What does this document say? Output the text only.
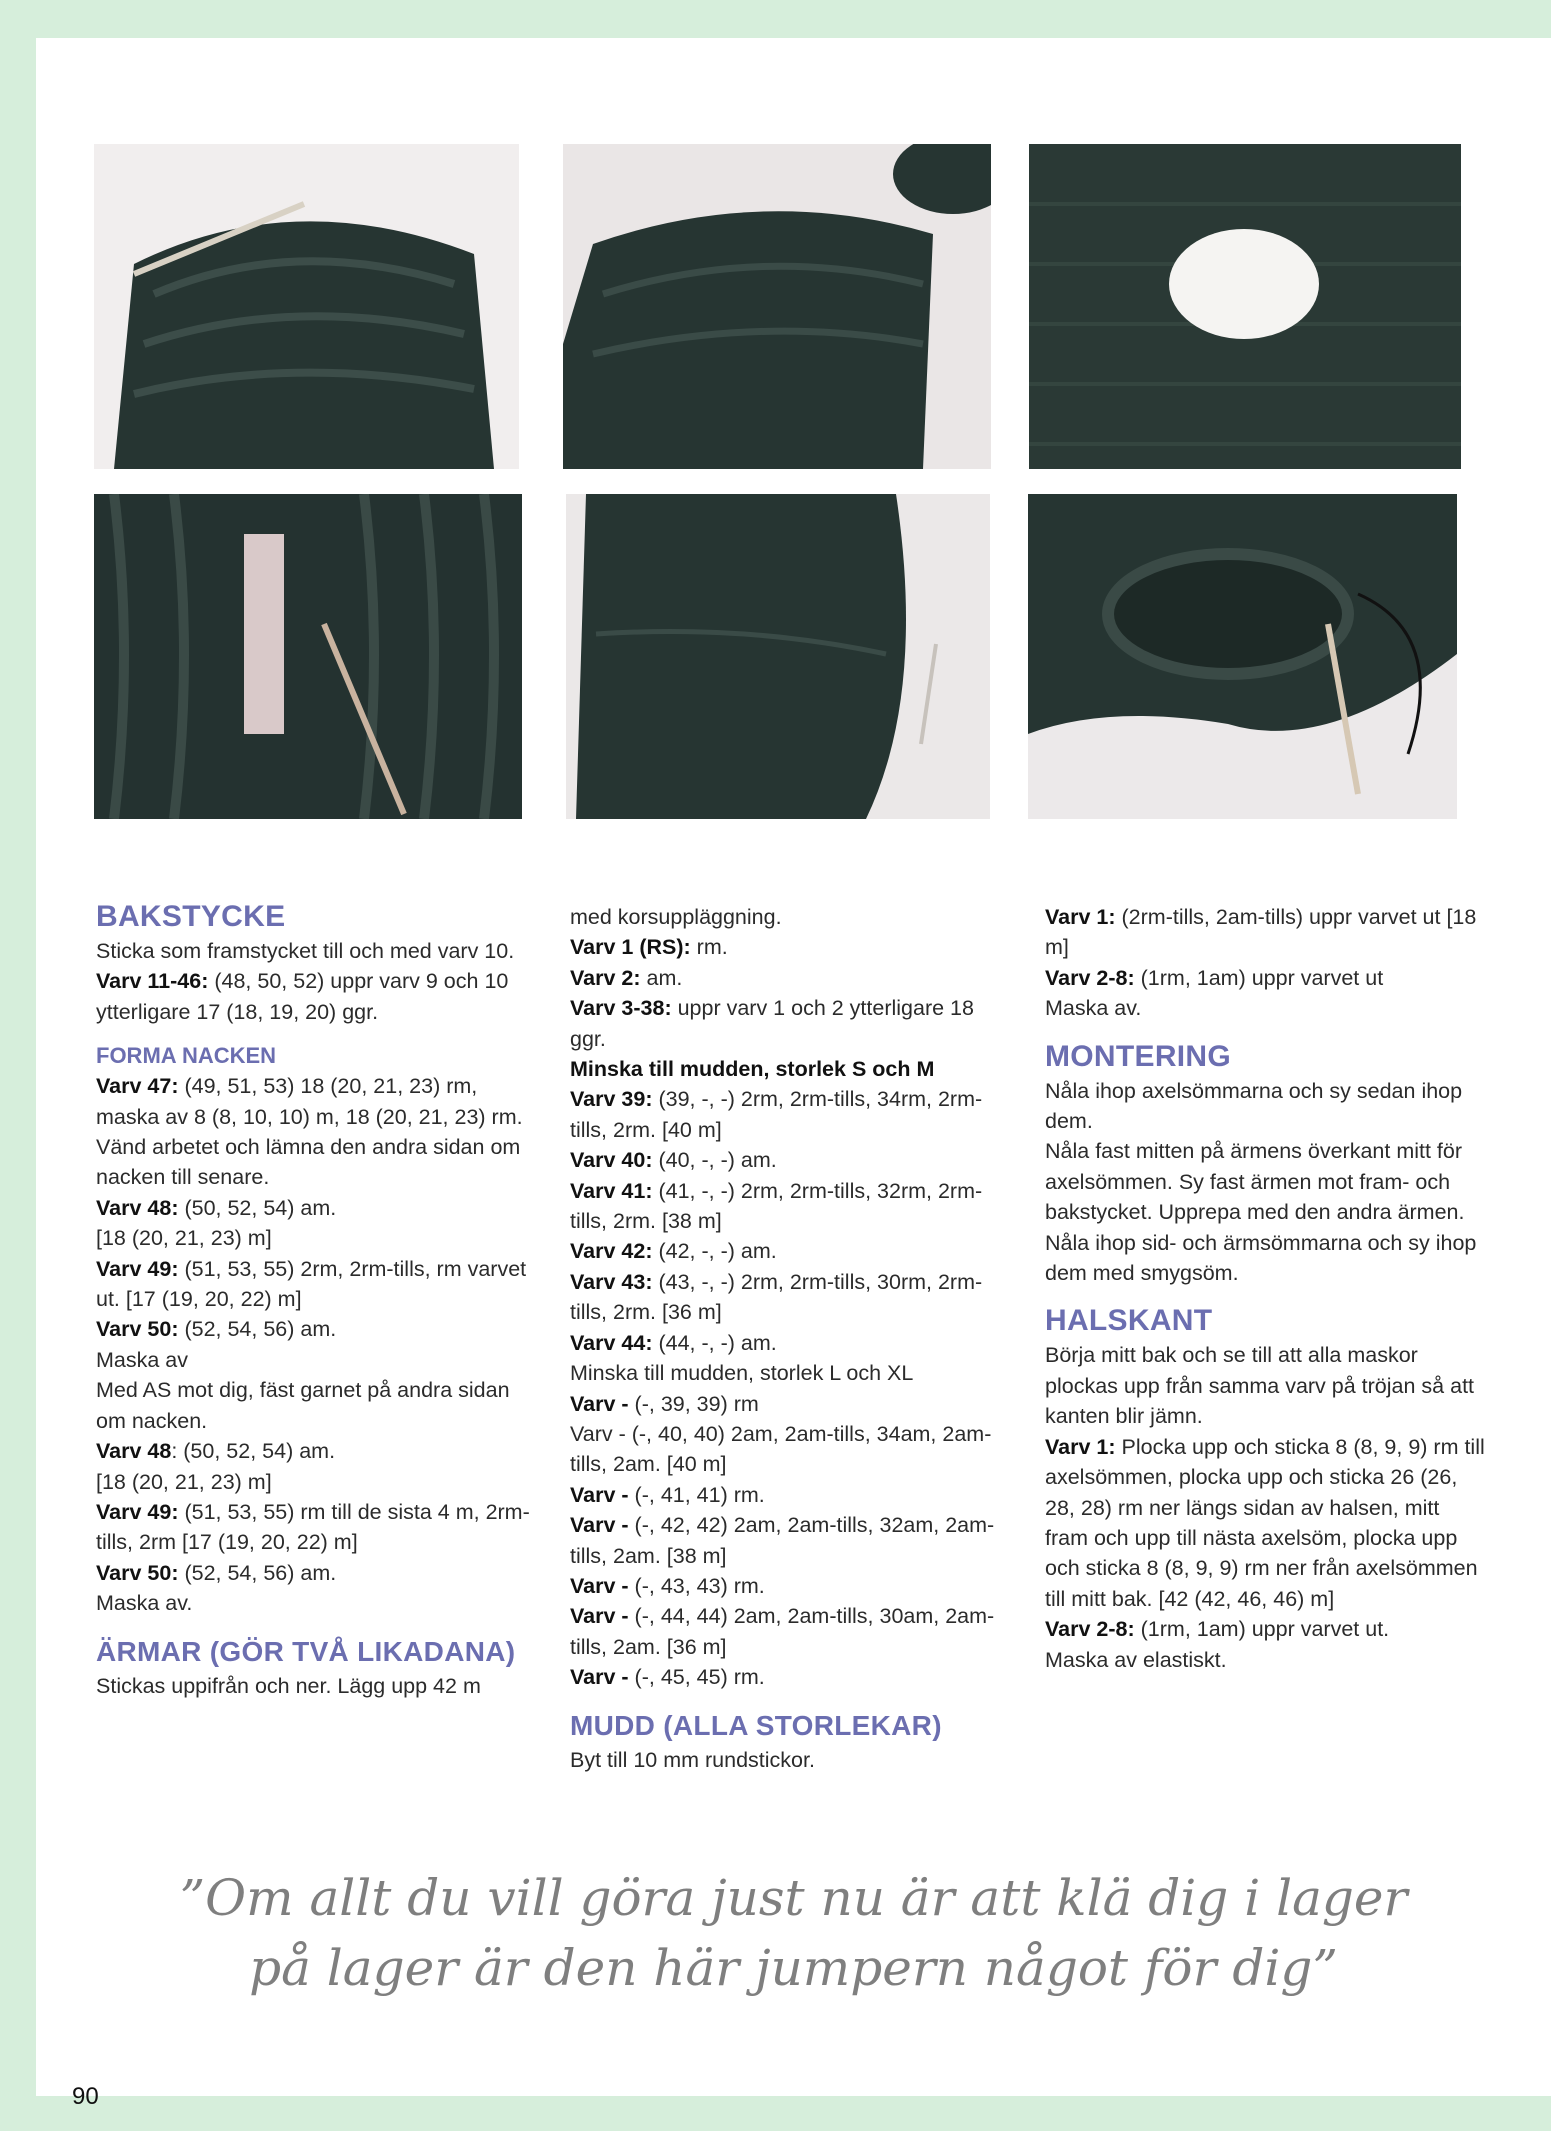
BAKSTYCKE

Sticka som framstycket till och med varv 10.

Varv 11-46: (48, 50, 52) uppr varv 9 och 10 ytterligare 17 (18, 19, 20) ggr.

FORMA NACKEN

Varv 47: (49, 51, 53) 18 (20, 21, 23) rm, maska av 8 (8, 10, 10) m, 18 (20, 21, 23) rm.

Vänd arbetet och lämna den andra sidan om nacken till senare.

Varv 48: (50, 52, 54) am.

[18 (20, 21, 23) m]

Varv 49: (51, 53, 55) 2rm, 2rm-tills, rm varvet ut. [17 (19, 20, 22) m]

Varv 50: (52, 54, 56) am.

Maska av

Med AS mot dig, fäst garnet på andra sidan om nacken.

Varv 48: (50, 52, 54) am.

[18 (20, 21, 23) m]

Varv 49: (51, 53, 55) rm till de sista 4 m, 2rm-tills, 2rm [17 (19, 20, 22) m]

Varv 50: (52, 54, 56) am.

Maska av.

ÄRMAR (GÖR TVÅ LIKADANA)

Stickas uppifrån och ner. Lägg upp 42 m

med korsuppläggning.

Varv 1 (RS): rm.

Varv 2: am.

Varv 3-38: uppr varv 1 och 2 ytterligare 18 ggr.

Minska till mudden, storlek S och M

Varv 39: (39, -, -) 2rm, 2rm-tills, 34rm, 2rm-tills, 2rm. [40 m]

Varv 40: (40, -, -) am.

Varv 41: (41, -, -) 2rm, 2rm-tills, 32rm, 2rm-tills, 2rm. [38 m]

Varv 42: (42, -, -) am.

Varv 43: (43, -, -) 2rm, 2rm-tills, 30rm, 2rm-tills, 2rm. [36 m]

Varv 44: (44, -, -) am.

Minska till mudden, storlek L och XL

Varv - (-, 39, 39) rm

Varv - (-, 40, 40) 2am, 2am-tills, 34am, 2am-tills, 2am. [40 m]

Varv - (-, 41, 41) rm.

Varv - (-, 42, 42) 2am, 2am-tills, 32am, 2am-tills, 2am. [38 m]

Varv - (-, 43, 43) rm.

Varv - (-, 44, 44) 2am, 2am-tills, 30am, 2am-tills, 2am. [36 m]

Varv - (-, 45, 45) rm.

MUDD (ALLA STORLEKAR)

Byt till 10 mm rundstickor.

Varv 1: (2rm-tills, 2am-tills) uppr varvet ut [18 m]

Varv 2-8: (1rm, 1am) uppr varvet ut

Maska av.

MONTERING

Nåla ihop axelsömmarna och sy sedan ihop dem.

Nåla fast mitten på ärmens överkant mitt för axelsömmen. Sy fast ärmen mot fram- och bakstycket. Upprepa med den andra ärmen.

Nåla ihop sid- och ärmsömmarna och sy ihop dem med smygsöm.

HALSKANT

Börja mitt bak och se till att alla maskor plockas upp från samma varv på tröjan så att kanten blir jämn.

Varv 1: Plocka upp och sticka 8 (8, 9, 9) rm till axelsömmen, plocka upp och sticka 26 (26, 28, 28) rm ner längs sidan av halsen, mitt fram och upp till nästa axelsöm, plocka upp och sticka 8 (8, 9, 9) rm ner från axelsömmen till mitt bak. [42 (42, 46, 46) m]

Varv 2-8: (1rm, 1am) uppr varvet ut.

Maska av elastiskt.

”Om allt du vill göra just nu är att klä dig i lager
på lager är den här jumpern något för dig”
90
